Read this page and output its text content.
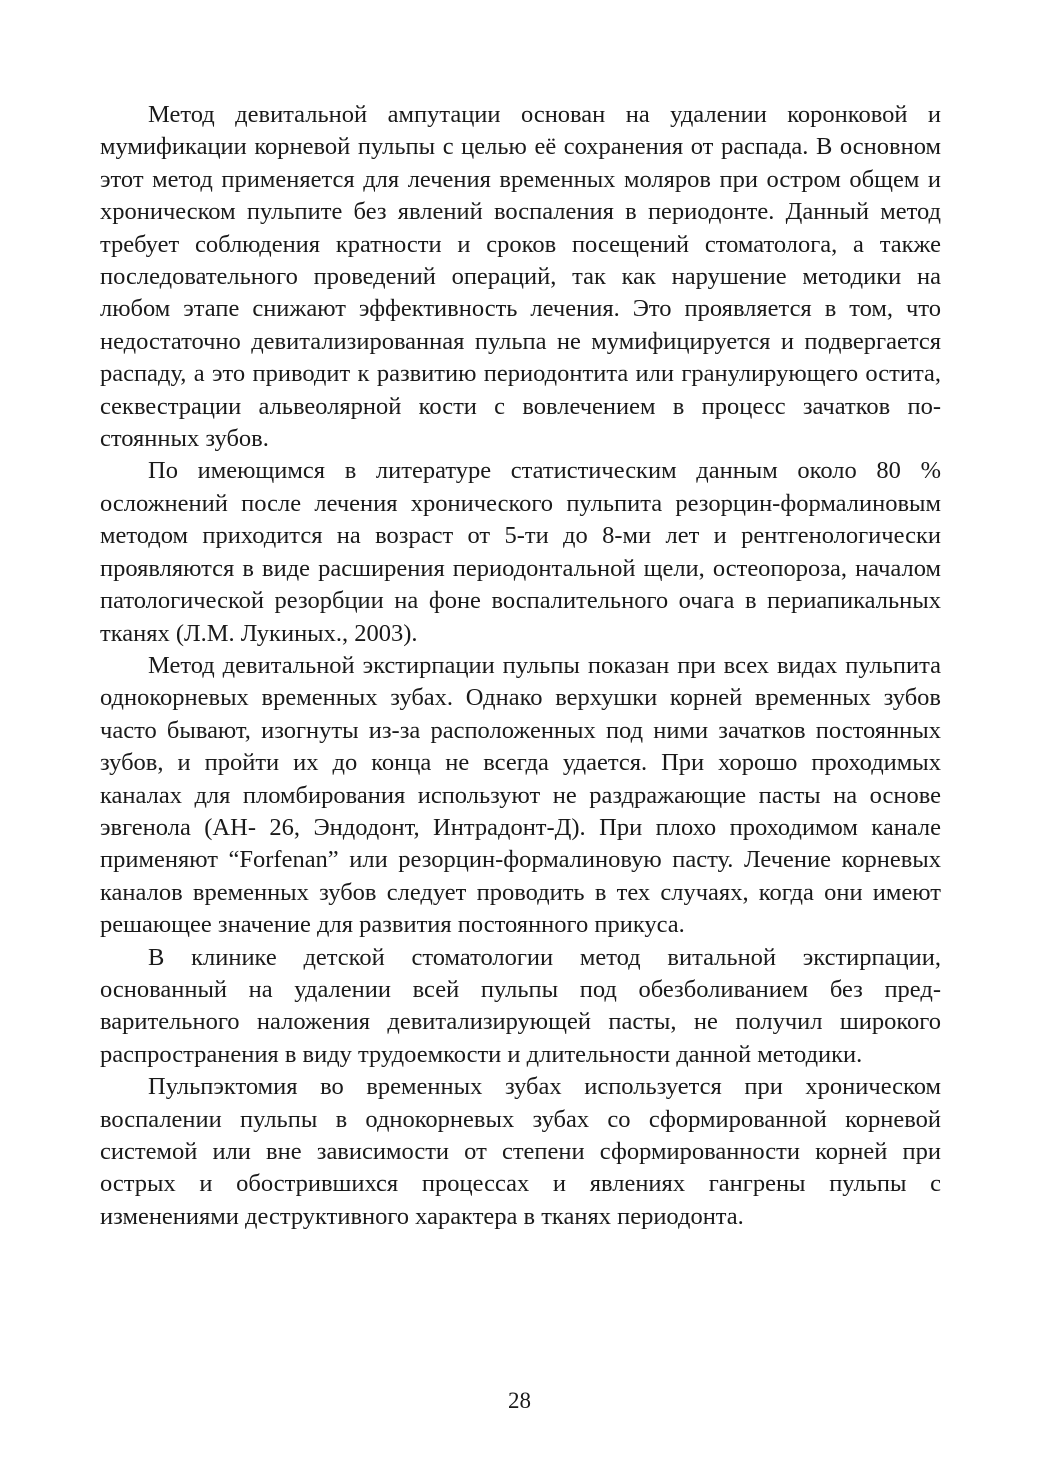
Метод девитальной ампутации основан на удалении коронковой и мумификации корневой пульпы с целью её сохранения от распада. В основном этот метод применяется для лечения временных моляров при остром общем и хроническом пульпите без явлений воспаления в периодонте. Данный метод требует соблюдения кратности и сроков посещений стоматолога, а также последовательного проведений операций, так как нарушение методики на любом этапе снижают эффективность лечения. Это проявляется в том, что недостаточно девитализированная пульпа не мумифицируется и подвергается распаду, а это приводит к развитию периодонтита или гранулирующего остита, секвестрации альвеолярной кости с вовлечением в процесс зачатков постоянных зубов.

По имеющимся в литературе статистическим данным около 80 % осложнений после лечения хронического пульпита резорцин-формалиновым методом приходится на возраст от 5-ти до 8-ми лет и рентгенологически проявляются в виде расширения периодонтальной щели, остеопороза, началом патологической резорбции на фоне воспалительного очага в периапикальных тканях (Л.М. Лукиных., 2003).

Метод девитальной экстирпации пульпы показан при всех видах пульпита однокорневых временных зубах. Однако верхушки корней временных зубов часто бывают, изогнуты из-за расположенных под ними зачатков постоянных зубов, и пройти их до конца не всегда удается. При хорошо проходимых каналах для пломбирования используют не раздражающие пасты на основе эвгенола (АН- 26, Эндодонт, Интрадонт-Д). При плохо проходимом канале применяют “Forfenan” или резорцин-формалиновую пасту. Лечение корневых каналов временных зубов следует проводить в тех случаях, когда они имеют решающее значение для развития постоянного прикуса.

В клинике детской стоматологии метод витальной экстирпации, основанный на удалении всей пульпы под обезболиванием без предварительного наложения девитализирующей пасты, не получил широкого распространения в виду трудоемкости и длительности данной методики.

Пульпэктомия во временных зубах используется при хроническом воспалении пульпы в однокорневых зубах со сформированной корневой системой или вне зависимости от степени сформированности корней при острых и обострившихся процессах и явлениях гангрены пульпы с изменениями деструктивного характера в тканях периодонта.

28
